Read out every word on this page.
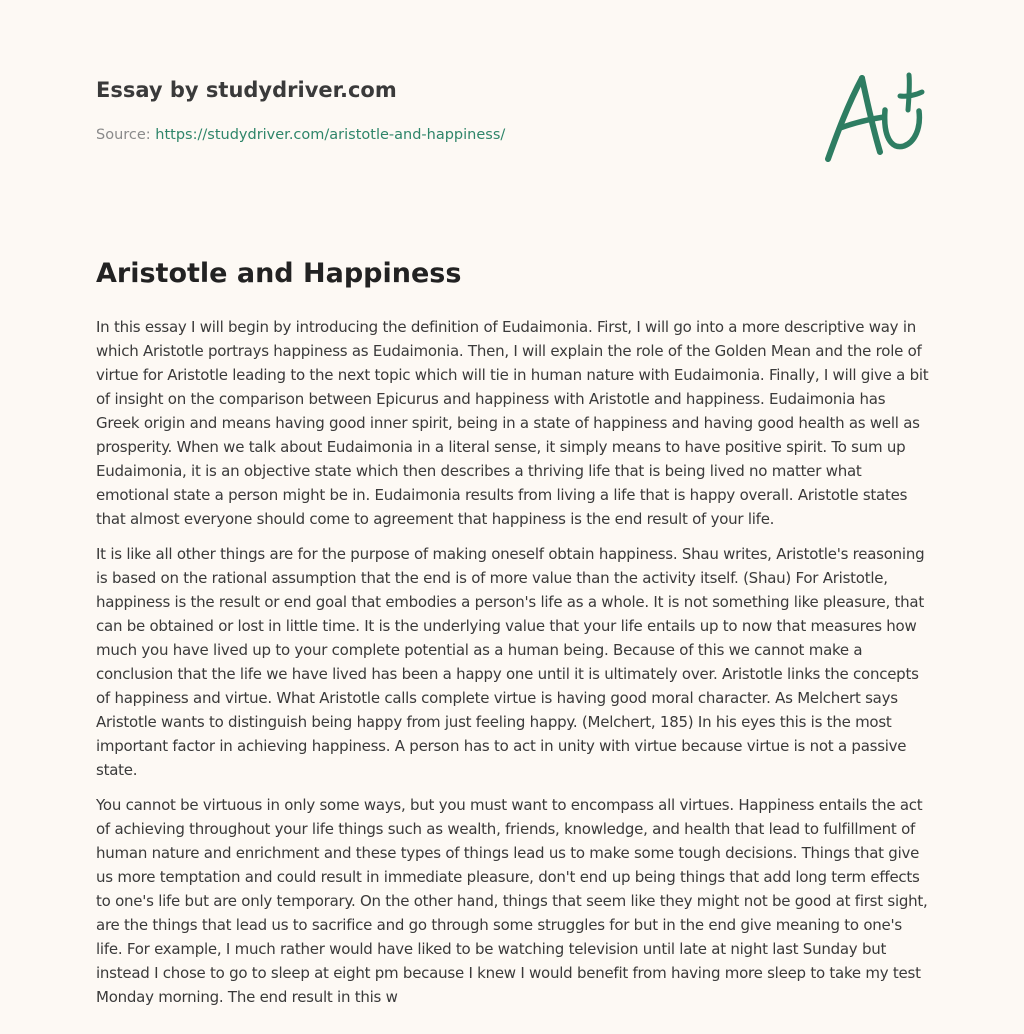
Essay by studydriver.com
Source: https://studydriver.com/aristotle-and-happiness/
Aristotle and Happiness

In this essay I will begin by introducing the definition of Eudaimonia. First, I will go into a more descriptive way in which Aristotle portrays happiness as Eudaimonia. Then, I will explain the role of the Golden Mean and the role of virtue for Aristotle leading to the next topic which will tie in human nature with Eudaimonia. Finally, I will give a bit of insight on the comparison between Epicurus and happiness with Aristotle and happiness. Eudaimonia has Greek origin and means having good inner spirit, being in a state of happiness and having good health as well as prosperity. When we talk about Eudaimonia in a literal sense, it simply means to have positive spirit. To sum up Eudaimonia, it is an objective state which then describes a thriving life that is being lived no matter what emotional state a person might be in. Eudaimonia results from living a life that is happy overall. Aristotle states that almost everyone should come to agreement that happiness is the end result of your life.

It is like all other things are for the purpose of making oneself obtain happiness. Shau writes, Aristotle's reasoning is based on the rational assumption that the end is of more value than the activity itself. (Shau) For Aristotle, happiness is the result or end goal that embodies a person's life as a whole. It is not something like pleasure, that can be obtained or lost in little time. It is the underlying value that your life entails up to now that measures how much you have lived up to your complete potential as a human being. Because of this we cannot make a conclusion that the life we have lived has been a happy one until it is ultimately over. Aristotle links the concepts of happiness and virtue. What Aristotle calls complete virtue is having good moral character. As Melchert says Aristotle wants to distinguish being happy from just feeling happy. (Melchert, 185) In his eyes this is the most important factor in achieving happiness. A person has to act in unity with virtue because virtue is not a passive state.

You cannot be virtuous in only some ways, but you must want to encompass all virtues. Happiness entails the act of achieving throughout your life things such as wealth, friends, knowledge, and health that lead to fulfillment of human nature and enrichment and these types of things lead us to make some tough decisions. Things that give us more temptation and could result in immediate pleasure, don't end up being things that add long term effects to one's life but are only temporary. On the other hand, things that seem like they might not be good at first sight, are the things that lead us to sacrifice and go through some struggles for but in the end give meaning to one's life. For example, I much rather would have liked to be watching television until late at night last Sunday but instead I chose to go to sleep at eight pm because I knew I would benefit from having more sleep to take my test Monday morning. The end result in this w
